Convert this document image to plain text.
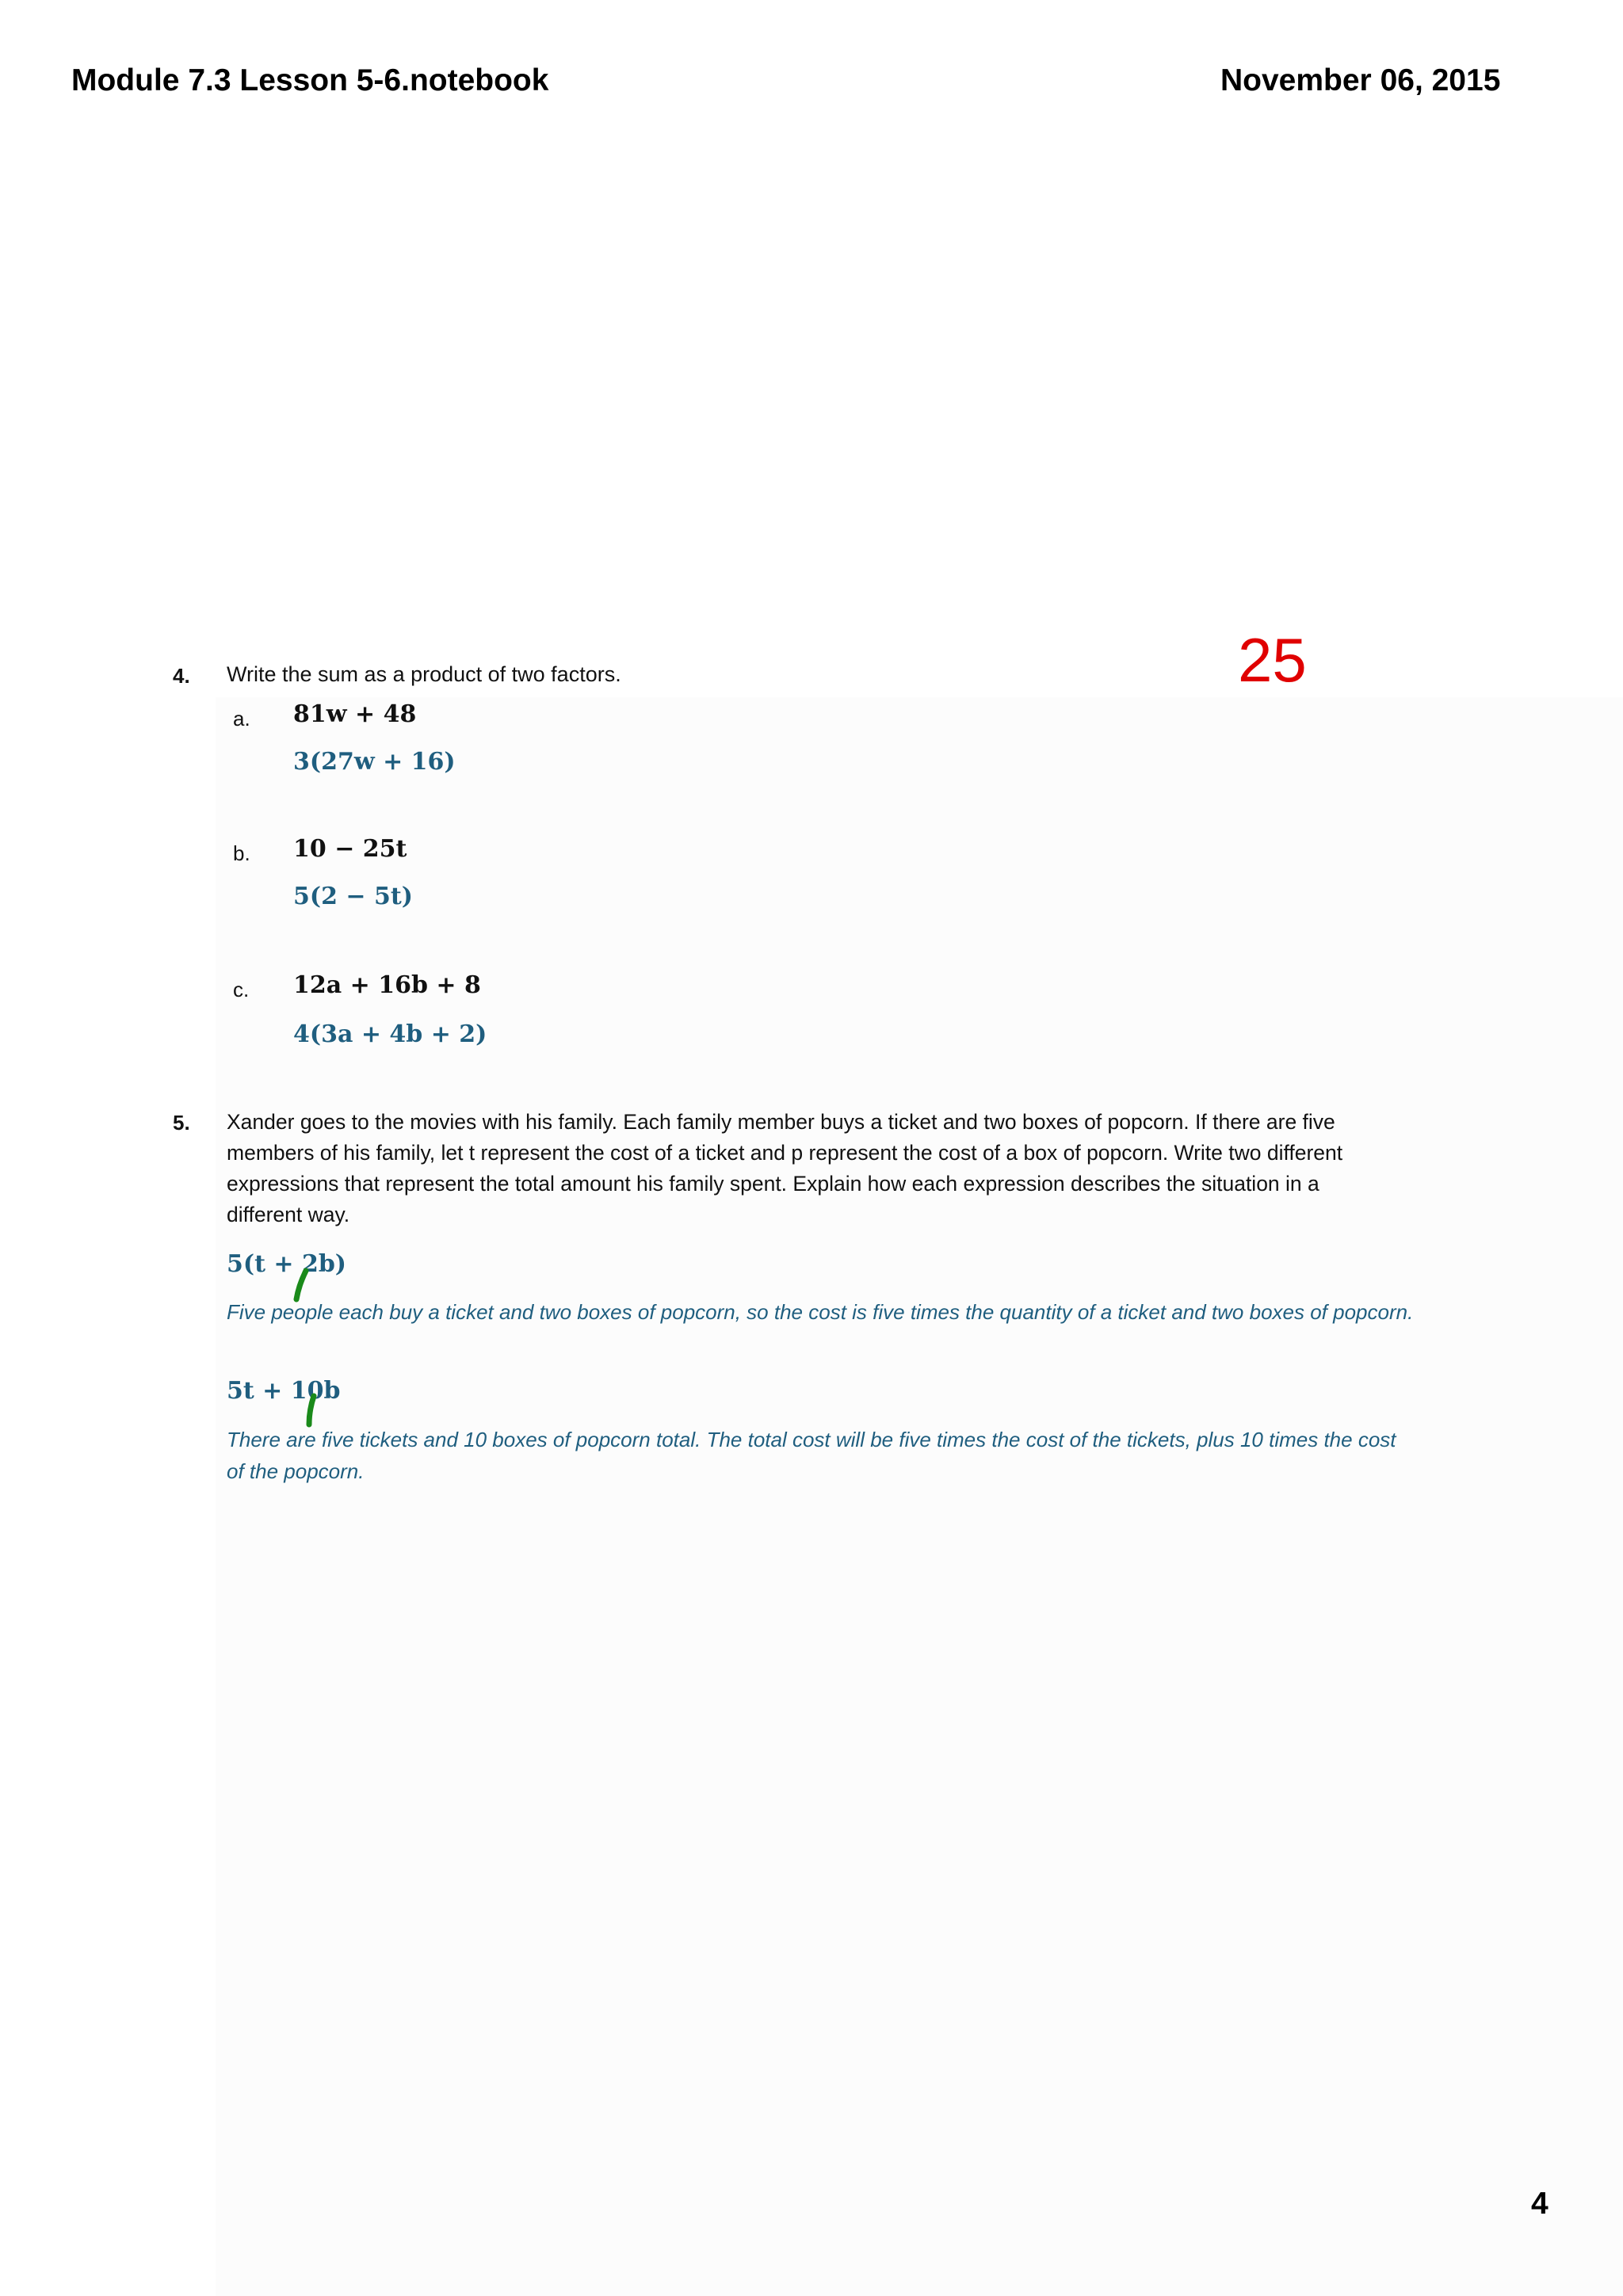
Module 7.3 Lesson 5-6.notebook	November 06, 2015
25
4. Write the sum as a product of two factors.
a. 81w + 48
3(27w + 16)
b. 10 − 25t
5(2 − 5t)
c. 12a + 16b + 8
4(3a + 4b + 2)
5. Xander goes to the movies with his family. Each family member buys a ticket and two boxes of popcorn. If there are five members of his family, let t represent the cost of a ticket and p represent the cost of a box of popcorn. Write two different expressions that represent the total amount his family spent. Explain how each expression describes the situation in a different way.
5(t + 2b)
Five people each buy a ticket and two boxes of popcorn, so the cost is five times the quantity of a ticket and two boxes of popcorn.
5t + 10b
There are five tickets and 10 boxes of popcorn total. The total cost will be five times the cost of the tickets, plus 10 times the cost of the popcorn.
4
